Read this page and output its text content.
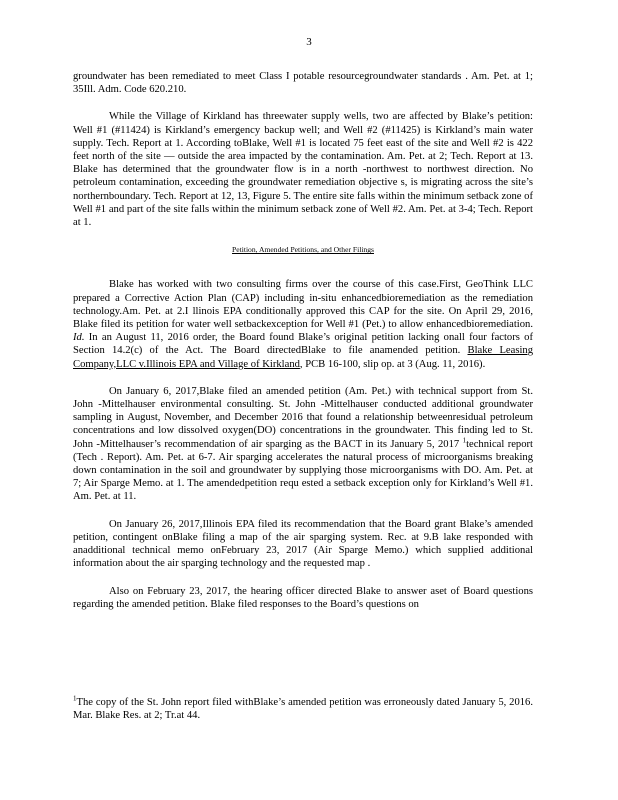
3

groundwater has been remediated to meet Class I potable resourcegroundwater standards . Am. Pet. at 1; 35Ill. Adm. Code 620.210.

While the Village of Kirkland has threewater supply wells, two are affected by Blake’s petition: Well #1 (#11424) is Kirkland’s emergency backup well; and Well #2 (#11425) is Kirkland’s main water supply. Tech. Report at 1. According toBlake, Well #1 is located 75 feet east of the site and Well #2 is 422 feet north of the site — outside the area impacted by the contamination. Am. Pet. at 2; Tech. Report at 13. Blake has determined that the groundwater flow is in a north -northwest to northwest direction. No petroleum contamination, exceeding the groundwater remediation objective s, is migrating across the site’s northernboundary. Tech. Report at 12, 13, Figure 5. The entire site falls within the minimum setback zone of Well #1 and part of the site falls within the minimum setback zone of Well #2. Am. Pet. at 3-4; Tech. Report at 1.

Petition, Amended Petitions, and Other Filings

Blake has worked with two consulting firms over the course of this case.First, GeoThink LLC prepared a Corrective Action Plan (CAP) including in-situ enhancedbioremediation as the remediation technology.Am. Pet. at 2.I llinois EPA conditionally approved this CAP for the site. On April 29, 2016, Blake filed its petition for water well setbackexception for Well #1 (Pet.) to allow enhancedbioremediation. Id. In an August 11, 2016 order, the Board found Blake’s original petition lacking onall four factors of Section 14.2(c) of the Act. The Board directedBlake to file anamended petition. Blake Leasing Company,LLC v.Illinois EPA and Village of Kirkland, PCB 16-100, slip op. at 3 (Aug. 11, 2016).

On January 6, 2017,Blake filed an amended petition (Am. Pet.) with technical support from St. John -Mittelhauser environmental consulting. St. John -Mittelhauser conducted additional groundwater sampling in August, November, and December 2016 that found a relationship betweenresidual petroleum concentrations and low dissolved oxygen(DO) concentrations in the groundwater. This finding led to St. John -Mittelhauser’s recommendation of air sparging as the BACT in its January 5, 2017 $^1$technical report (Tech . Report). Am. Pet. at 6-7. Air sparging accelerates the natural process of microorganisms breaking down contamination in the soil and groundwater by supplying those microorganisms with DO. Am. Pet. at 7; Air Sparge Memo. at 1. The amendedpetition requ ested a setback exception only for Kirkland’s Well #1. Am. Pet. at 11.

On January 26, 2017,Illinois EPA filed its recommendation that the Board grant Blake’s amended petition, contingent onBlake filing a map of the air sparging system. Rec. at 9.B lake responded with anadditional technical memo onFebruary 23, 2017 (Air Sparge Memo.) which supplied additional information about the air sparging technology and the requested map .

Also on February 23, 2017, the hearing officer directed Blake to answer aset of Board questions regarding the amended petition. Blake filed responses to the Board’s questions on

$^1$The copy of the St. John report filed withBlake’s amended petition was erroneously dated January 5, 2016. Mar. Blake Res. at 2; Tr.at 44.
